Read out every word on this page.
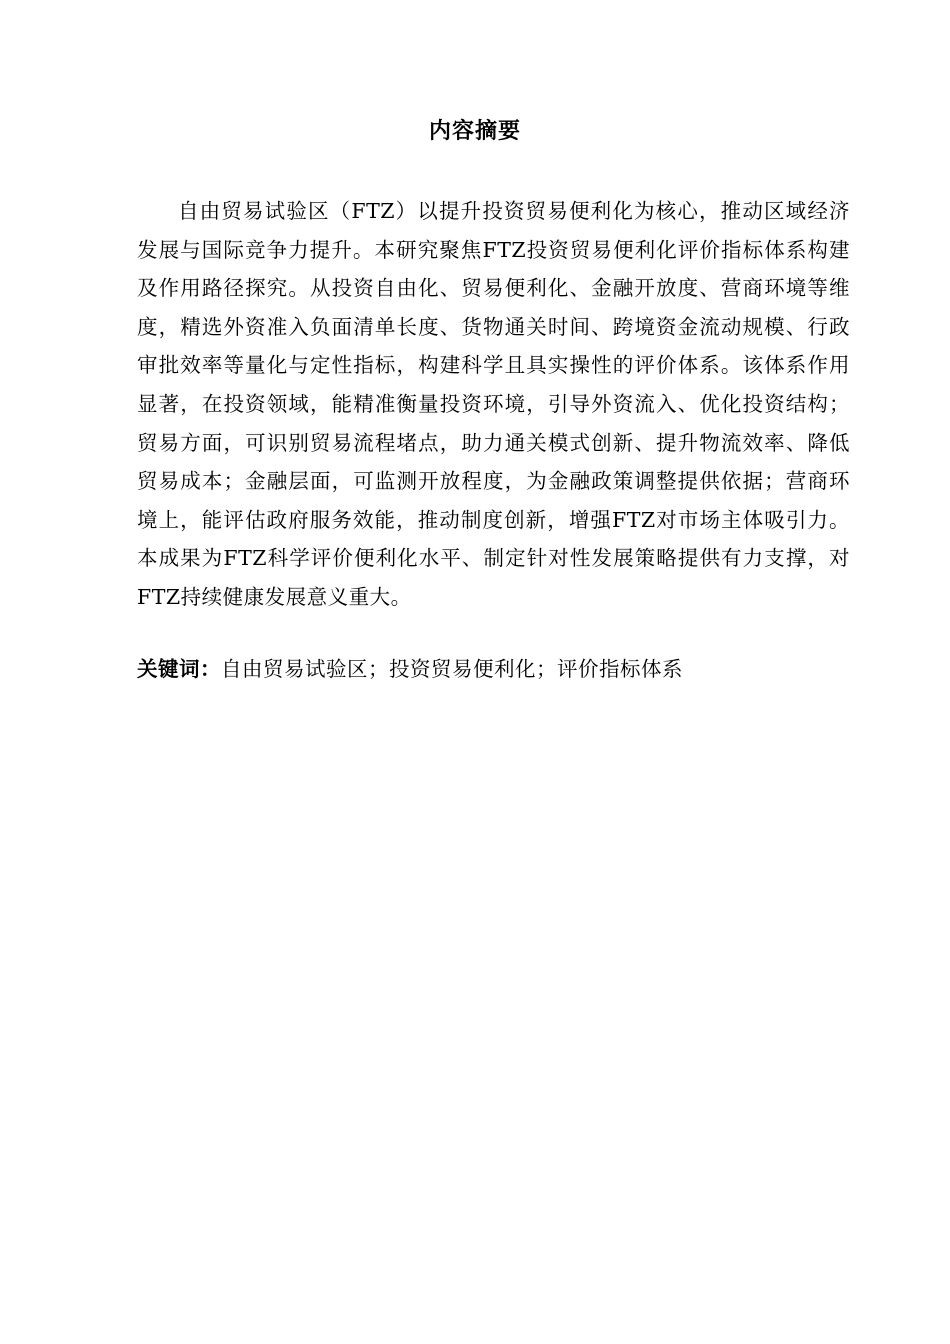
内容摘要

自由贸易试验区（FTZ）以提升投资贸易便利化为核心，推动区域经济发展与国际竞争力提升。本研究聚焦FTZ投资贸易便利化评价指标体系构建及作用路径探究。从投资自由化、贸易便利化、金融开放度、营商环境等维度，精选外资准入负面清单长度、货物通关时间、跨境资金流动规模、行政审批效率等量化与定性指标，构建科学且具实操性的评价体系。该体系作用显著，在投资领域，能精准衡量投资环境，引导外资流入、优化投资结构；贸易方面，可识别贸易流程堵点，助力通关模式创新、提升物流效率、降低贸易成本；金融层面，可监测开放程度，为金融政策调整提供依据；营商环境上，能评估政府服务效能，推动制度创新，增强FTZ对市场主体吸引力。本成果为FTZ科学评价便利化水平、制定针对性发展策略提供有力支撑，对FTZ持续健康发展意义重大。

关键词：自由贸易试验区；投资贸易便利化；评价指标体系
